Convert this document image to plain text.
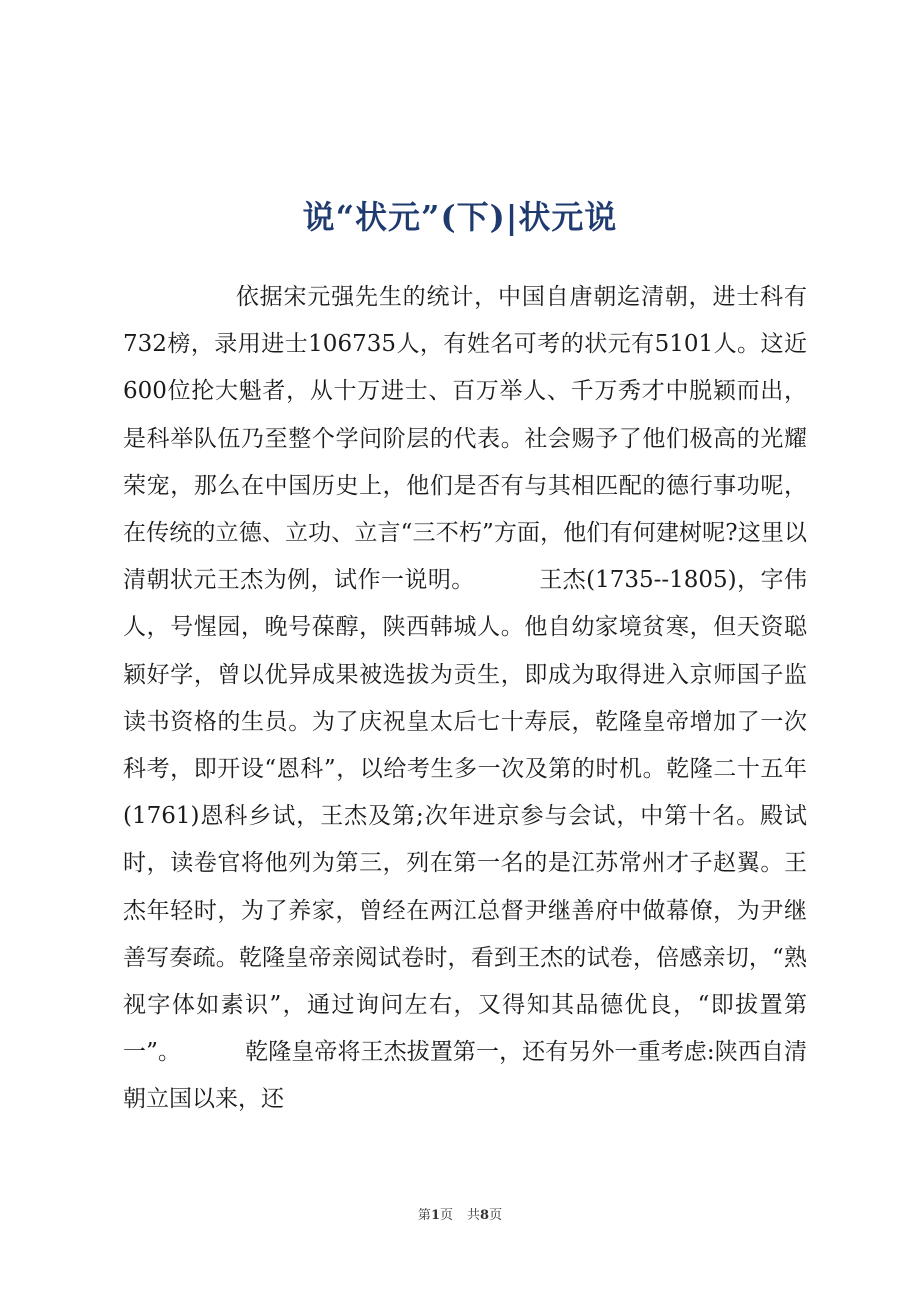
说“状元”(下)|状元说
依据宋元强先生的统计，中国自唐朝迄清朝，进士科有732榜，录用进士106735人，有姓名可考的状元有5101人。这近600位抡大魁者，从十万进士、百万举人、千万秀才中脱颖而出，是科举队伍乃至整个学问阶层的代表。社会赐予了他们极高的光耀荣宠，那么在中国历史上，他们是否有与其相匹配的德行事功呢，在传统的立德、立功、立言“三不朽”方面，他们有何建树呢?这里以清朝状元王杰为例，试作一说明。	王杰(1735--1805)，字伟人，号惺园，晚号葆醇，陕西韩城人。他自幼家境贫寒，但天资聪颖好学，曾以优异成果被选拔为贡生，即成为取得进入京师国子监读书资格的生员。为了庆祝皇太后七十寿辰，乾隆皇帝增加了一次科考，即开设“恩科”，以给考生多一次及第的时机。乾隆二十五年(1761)恩科乡试，王杰及第;次年进京参与会试，中第十名。殿试时，读卷官将他列为第三，列在第一名的是江苏常州才子赵翼。王杰年轻时，为了养家，曾经在两江总督尹继善府中做幕僚，为尹继善写奏疏。乾隆皇帝亲阅试卷时，看到王杰的试卷，倍感亲切，“熟视字体如素识”，通过询问左右，又得知其品德优良，“即拔置第一”。	乾隆皇帝将王杰拔置第一，还有另外一重考虑:陕西自清朝立国以来，还
第1页 共8页
